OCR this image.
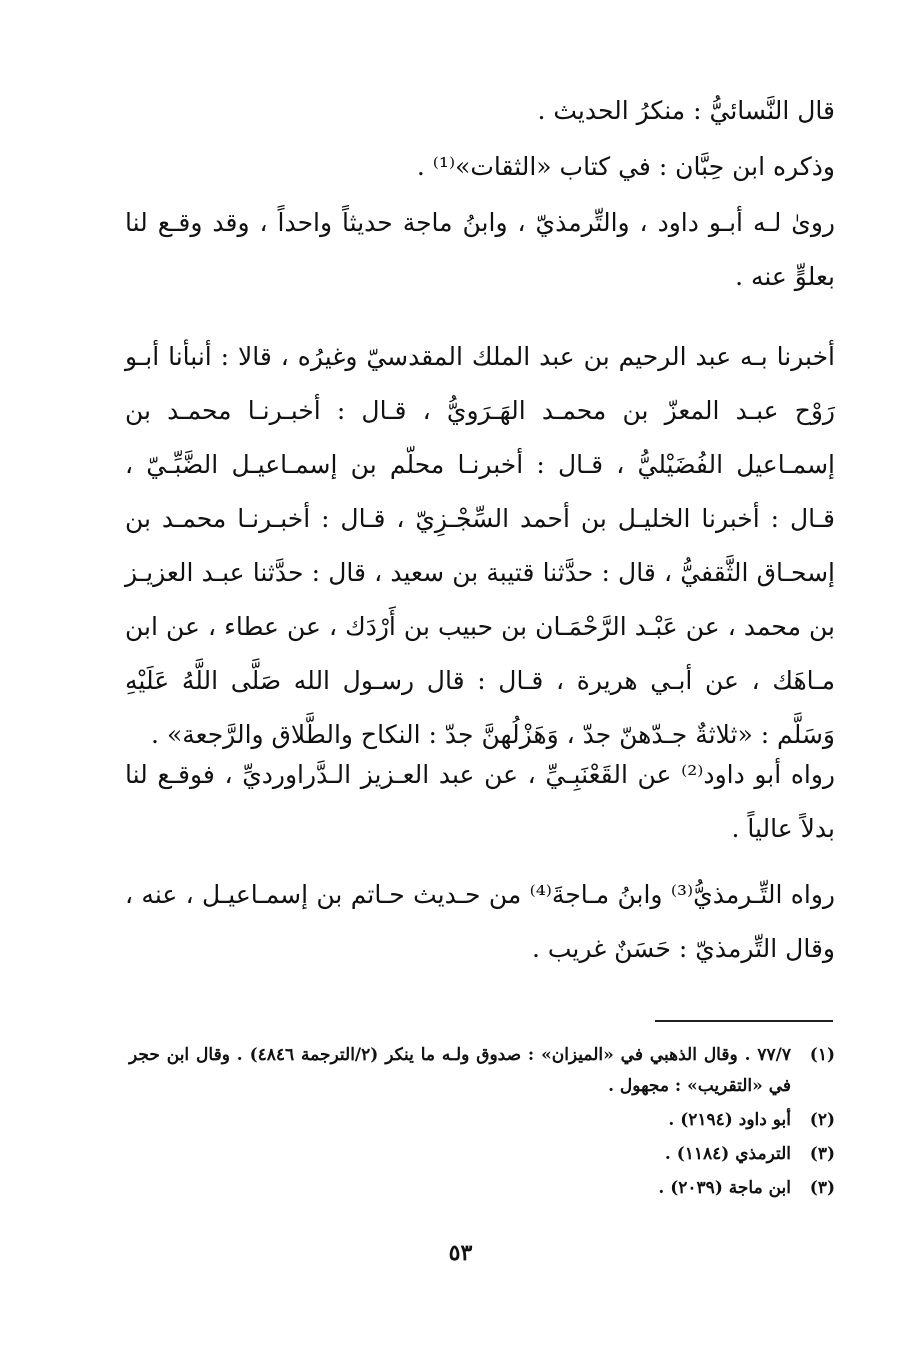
قال النَّسائيُّ : منكرُ الحديث .

وذكره ابن حِبَّان : في كتاب «الثقات»⁽¹⁾ .

روىٰ لـه أبـو داود ، والتِّرمذيّ ، وابنُ ماجة حديثاً واحداً ، وقد وقـع لنا بعلوٍّ عنه .

أخبرنا بـه عبد الرحيم بن عبد الملك المقدسيّ وغيرُه ، قالا : أنبأنا أبـو رَوْح عبـد المعزّ بن محمـد الهَـرَويُّ ، قـال : أخبـرنـا محمـد بن إسمـاعيل الفُضَيْليُّ ، قـال : أخبرنـا محلّم بن إسمـاعيـل الضَّبِّـيّ ، قـال : أخبرنا الخليـل بن أحمد السِّجْـزِيّ ، قـال : أخبـرنـا محمـد بن إسحـاق الثَّقفيُّ ، قال : حدَّثنا قتيبة بن سعيد ، قال : حدَّثنا عبـد العزيـز بن محمد ، عن عَبْـد الرَّحْمَـان بن حبيب بن أَرْدَك ، عن عطاء ، عن ابن مـاهَك ، عن أبـي هريرة ، قـال : قال رسـول الله صَلَّى اللَّهُ عَلَيْهِ وَسَلَّم : «ثلاثةٌ جـدّهنّ جدّ ، وَهَزْلُهنَّ جدّ : النكاح والطَّلاق والرَّجعة» .

رواه أبو داود⁽²⁾ عن القَعْنَبِـيِّ ، عن عبد العـزيز الـدَّراورديِّ ، فوقـع لنا بدلاً عالياً .

رواه التِّـرمذيُّ⁽³⁾ وابنُ مـاجةَ⁽⁴⁾ من حـديث حـاتم بن إسمـاعيـل ، عنه ، وقال التِّرمذيّ : حَسَنٌ غريب .

(١)
٧٧/٧ . وقال الذهبي في «الميزان» : صدوق ولـه ما ينكر (٢/الترجمة ٤٨٤٦) . وقال ابن حجر في «التقريب» : مجهول .
(٢)
أبو داود (٢١٩٤) .
(٣)
الترمذي (١١٨٤) .
(٣)
ابن ماجة (٢٠٣٩) .
٥٣
